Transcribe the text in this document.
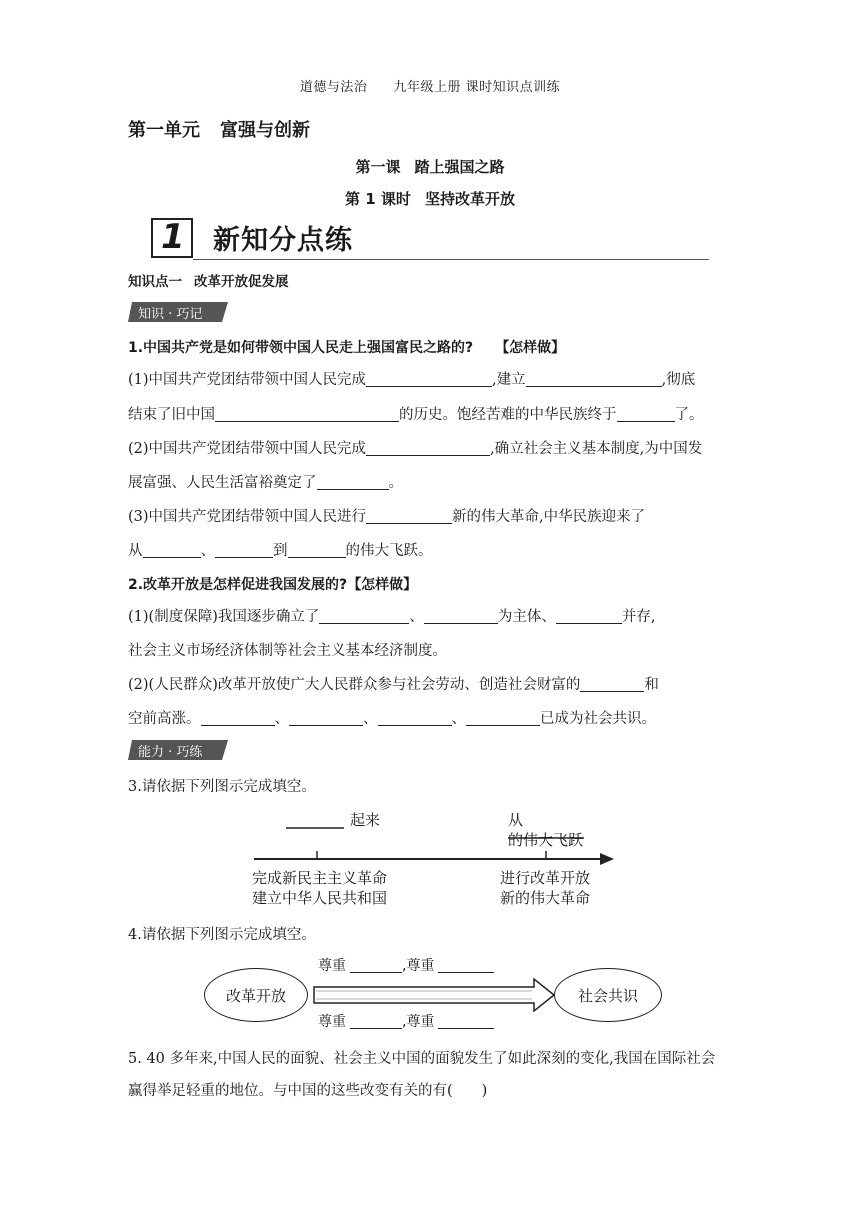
道德与法治 九年级上册 课时知识点训练
第一单元 富强与创新
第一课 踏上强国之路
第 1 课时 坚持改革开放
1 新知分点练
知识点一 改革开放促发展
知识 · 巧记
1.中国共产党是如何带领中国人民走上强国富民之路的? 【怎样做】
(1)中国共产党团结带领中国人民完成	,建立	,彻底
结束了旧中国	的历史。饱经苦难的中华民族终于	了。
(2)中国共产党团结带领中国人民完成	,确立社会主义基本制度,为中国发
展富强、人民生活富裕奠定了	。
(3)中国共产党团结带领中国人民进行	新的伟大革命,中华民族迎来了
从	、	到	的伟大飞跃。
2.改革开放是怎样促进我国发展的?【怎样做】
(1)(制度保障)我国逐步确立了	、	为主体、	并存,
社会主义市场经济体制等社会主义基本经济制度。
(2)(人民群众)改革开放使广大人民群众参与社会劳动、创造社会财富的	和
空前高涨。	、	、	、	已成为社会共识。
能力 · 巧练
3.请依据下列图示完成填空。
起来	从
的伟大飞跃
完成新民主主义革命
建立中华人民共和国
进行改革开放
新的伟大革命
4.请依据下列图示完成填空。
改革开放	社会共识
尊重	,尊重
尊重	,尊重
5. 40 多年来,中国人民的面貌、社会主义中国的面貌发生了如此深刻的变化,我国在国际社会
赢得举足轻重的地位。与中国的这些改变有关的有(　　)
